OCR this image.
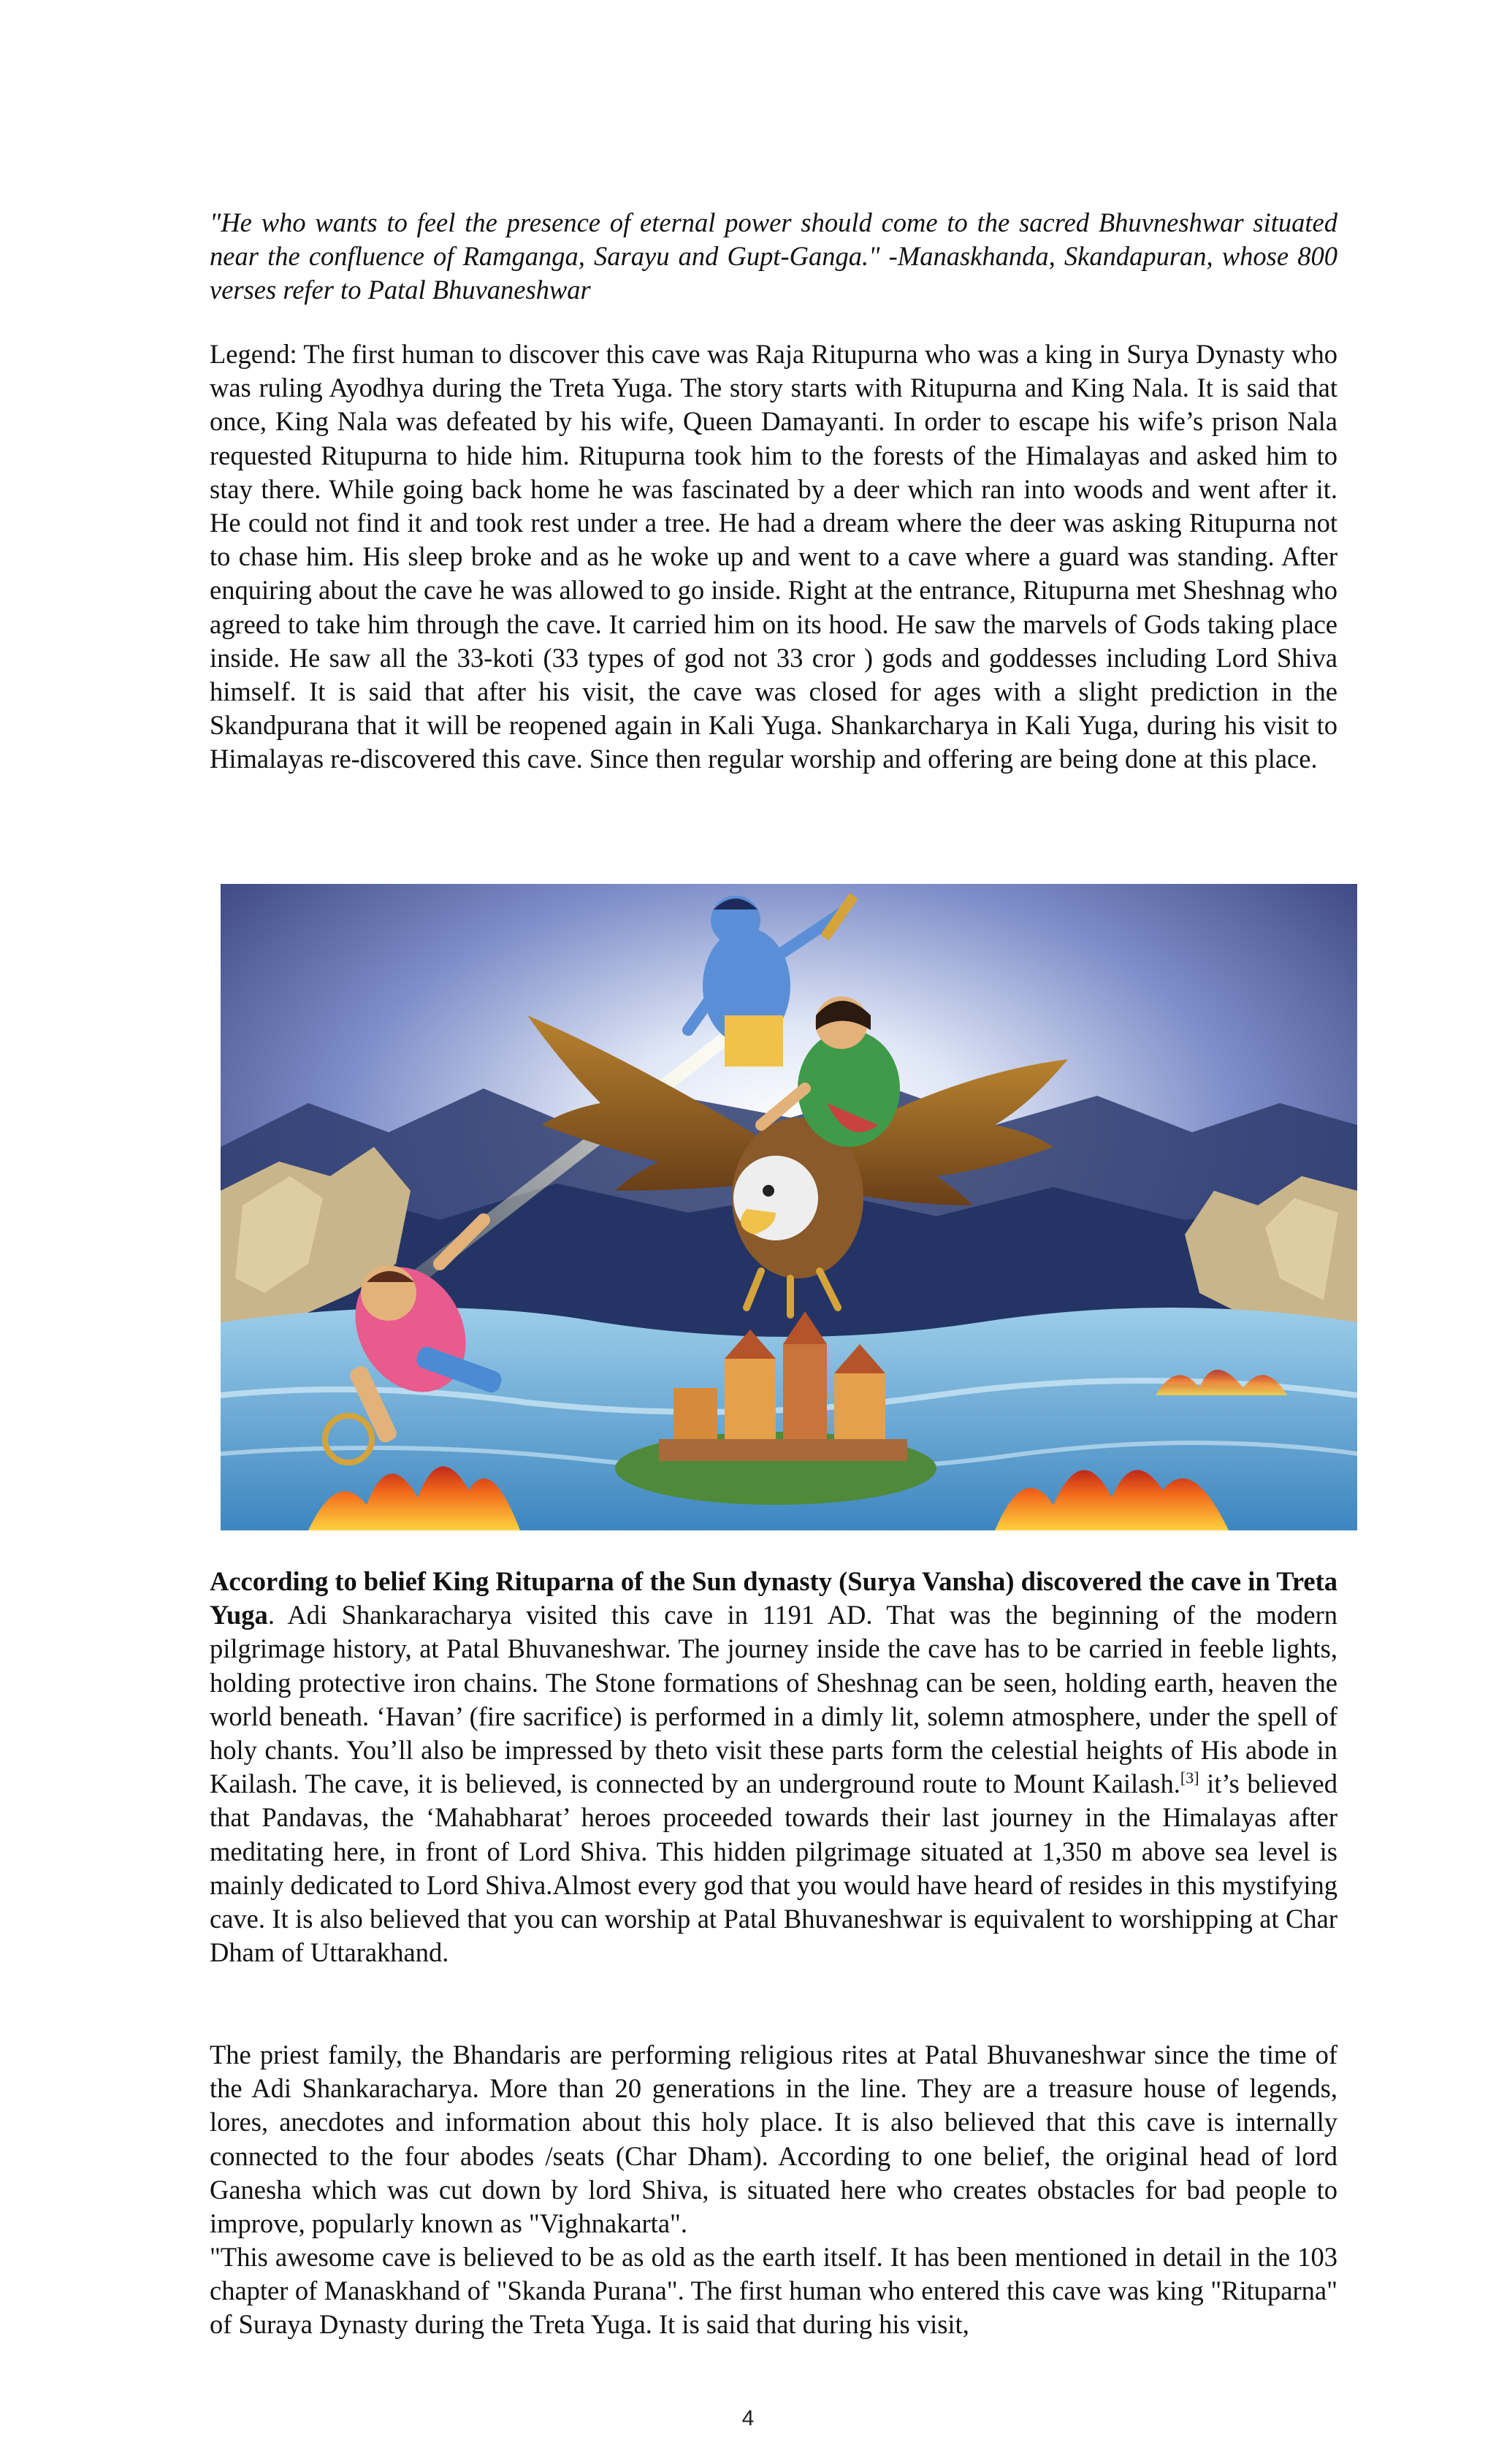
"He who wants to feel the presence of eternal power should come to the sacred Bhuvneshwar situated near the confluence of Ramganga, Sarayu and Gupt-Ganga." -Manaskhanda, Skandapuran, whose 800 verses refer to Patal Bhuvaneshwar

Legend: The first human to discover this cave was Raja Ritupurna who was a king in Surya Dynasty who was ruling Ayodhya during the Treta Yuga. The story starts with Ritupurna and King Nala. It is said that once, King Nala was defeated by his wife, Queen Damayanti. In order to escape his wife’s prison Nala requested Ritupurna to hide him. Ritupurna took him to the forests of the Himalayas and asked him to stay there. While going back home he was fascinated by a deer which ran into woods and went after it. He could not find it and took rest under a tree. He had a dream where the deer was asking Ritupurna not to chase him. His sleep broke and as he woke up and went to a cave where a guard was standing. After enquiring about the cave he was allowed to go inside. Right at the entrance, Ritupurna met Sheshnag who agreed to take him through the cave. It carried him on its hood. He saw the marvels of Gods taking place inside. He saw all the 33-koti (33 types of god not 33 cror ) gods and goddesses including Lord Shiva himself. It is said that after his visit, the cave was closed for ages with a slight prediction in the Skandpurana that it will be reopened again in Kali Yuga. Shankarcharya in Kali Yuga, during his visit to Himalayas re-discovered this cave. Since then regular worship and offering are being done at this place.

According to belief King Rituparna of the Sun dynasty (Surya Vansha) discovered the cave in Treta Yuga. Adi Shankaracharya visited this cave in 1191 AD. That was the beginning of the modern pilgrimage history, at Patal Bhuvaneshwar. The journey inside the cave has to be carried in feeble lights, holding protective iron chains. The Stone formations of Sheshnag can be seen, holding earth, heaven the world beneath. ‘Havan’ (fire sacrifice) is performed in a dimly lit, solemn atmosphere, under the spell of holy chants. You’ll also be impressed by theto visit these parts form the celestial heights of His abode in Kailash. The cave, it is believed, is connected by an underground route to Mount Kailash.[3] it’s believed that Pandavas, the ‘Mahabharat’ heroes proceeded towards their last journey in the Himalayas after meditating here, in front of Lord Shiva. This hidden pilgrimage situated at 1,350 m above sea level is mainly dedicated to Lord Shiva.Almost every god that you would have heard of resides in this mystifying cave. It is also believed that you can worship at Patal Bhuvaneshwar is equivalent to worshipping at Char Dham of Uttarakhand.

The priest family, the Bhandaris are performing religious rites at Patal Bhuvaneshwar since the time of the Adi Shankaracharya. More than 20 generations in the line. They are a treasure house of legends, lores, anecdotes and information about this holy place. It is also believed that this cave is internally connected to the four abodes /seats (Char Dham). According to one belief, the original head of lord Ganesha which was cut down by lord Shiva, is situated here who creates obstacles for bad people to improve, popularly known as "Vighnakarta".

"This awesome cave is believed to be as old as the earth itself. It has been mentioned in detail in the 103 chapter of Manaskhand of "Skanda Purana". The first human who entered this cave was king "Rituparna" of Suraya Dynasty during the Treta Yuga. It is said that during his visit,

4
